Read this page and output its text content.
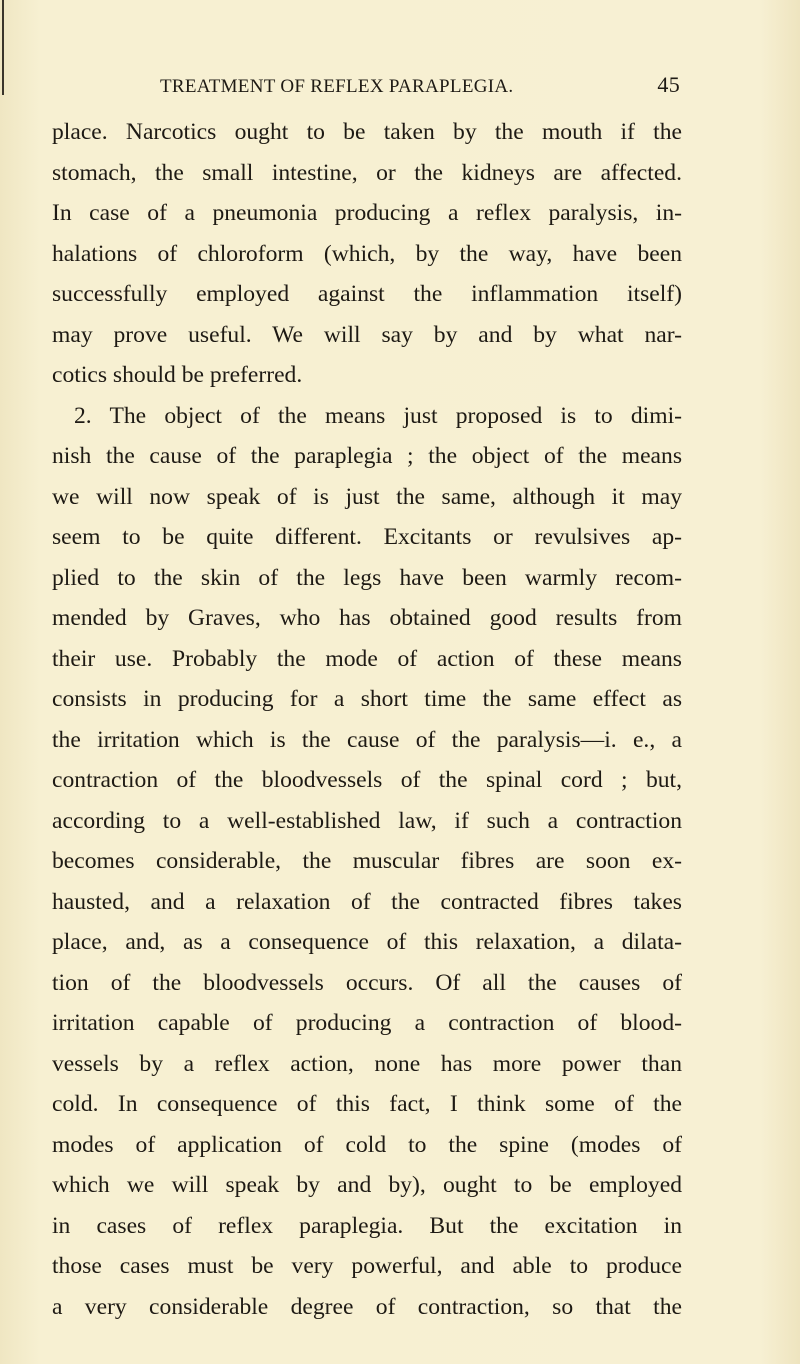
TREATMENT OF REFLEX PARAPLEGIA.	45
place. Narcotics ought to be taken by the mouth if the
stomach, the small intestine, or the kidneys are affected.
In case of a pneumonia producing a reflex paralysis, in-
halations of chloroform (which, by the way, have been
successfully employed against the inflammation itself)
may prove useful. We will say by and by what nar-
cotics should be preferred.
2. The object of the means just proposed is to dimi-
nish the cause of the paraplegia ; the object of the means
we will now speak of is just the same, although it may
seem to be quite different. Excitants or revulsives ap-
plied to the skin of the legs have been warmly recom-
mended by Graves, who has obtained good results from
their use. Probably the mode of action of these means
consists in producing for a short time the same effect as
the irritation which is the cause of the paralysis—i. e., a
contraction of the bloodvessels of the spinal cord ; but,
according to a well-established law, if such a contraction
becomes considerable, the muscular fibres are soon ex-
hausted, and a relaxation of the contracted fibres takes
place, and, as a consequence of this relaxation, a dilata-
tion of the bloodvessels occurs. Of all the causes of
irritation capable of producing a contraction of blood-
vessels by a reflex action, none has more power than
cold. In consequence of this fact, I think some of the
modes of application of cold to the spine (modes of
which we will speak by and by), ought to be employed
in cases of reflex paraplegia. But the excitation in
those cases must be very powerful, and able to produce
a very considerable degree of contraction, so that the
